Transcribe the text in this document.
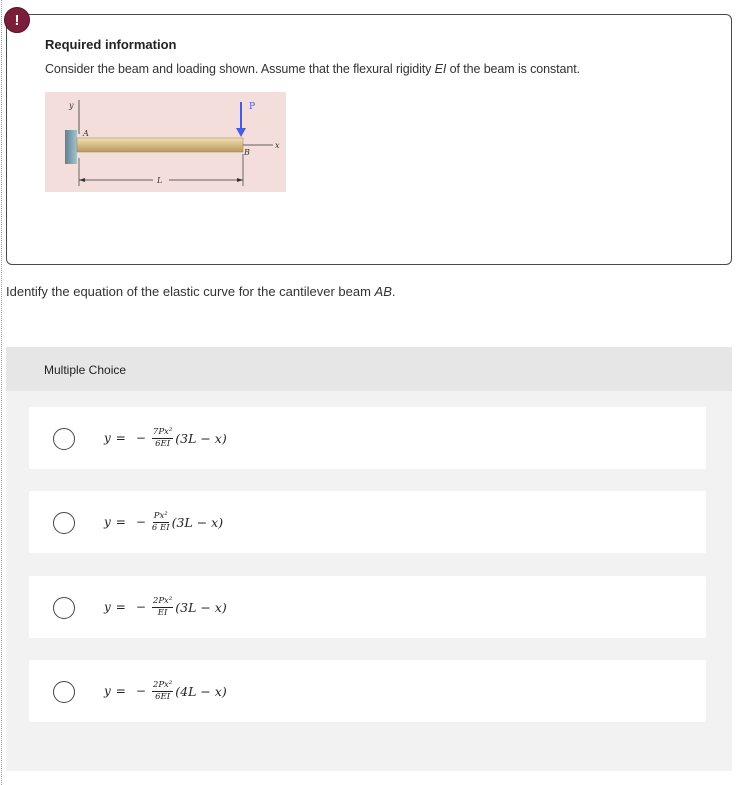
!
Required information
Consider the beam and loading shown. Assume that the flexural rigidity EI of the beam is constant.
y
A
B
x
P
L
Identify the equation of the elastic curve for the cantilever beam AB.
Multiple Choice
y = − $\frac{\text{7Px²}}{6EI} (3L - x)$
y = − $\frac{\text{Px²}}{6 EI} (3L - x)$
y = − $\frac{\text{2Px²}}{EI} (3L - x)$
y = − $\frac{\text{2Px²}}{6EI} (4L - x)$
